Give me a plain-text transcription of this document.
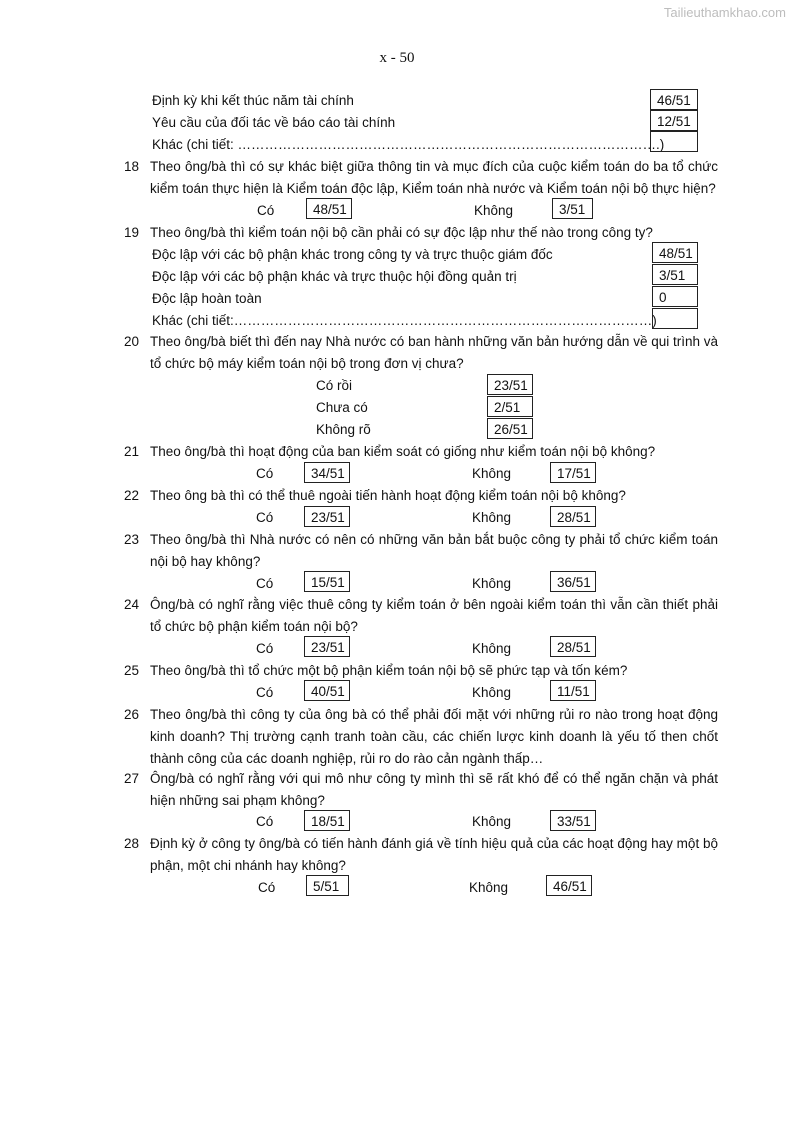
Tailieuthamkhao.com
x - 50
Định kỳ khi kết thúc năm tài chính	46/51
Yêu cầu của đối tác về báo cáo tài chính	12/51
Khác (chi tiết: ………………………………………………………………………………….)
18 Theo ông/bà thì có sự khác biệt giữa thông tin và mục đích của cuộc kiểm toán do ba tổ chức kiểm toán thực hiện là Kiểm toán độc lập, Kiểm toán nhà nước và Kiểm toán nội bộ thực hiện?
Có	48/51	Không	3/51
19 Theo ông/bà thì kiểm toán nội bộ cần phải có sự độc lập như thế nào trong công ty?
Độc lập với các bộ phận khác trong công ty và trực thuộc giám đốc	48/51
Độc lập với các bộ phận khác và trực thuộc hội đồng quản trị	3/51
Độc lập hoàn toàn	0
Khác (chi tiết:…………………………………………………………………………………)
20 Theo ông/bà biết thì đến nay Nhà nước có ban hành những văn bản hướng dẫn về qui trình và tổ chức bộ máy kiểm toán nội bộ trong đơn vị chưa?
Có rồi	23/51
Chưa có	2/51
Không rõ	26/51
21 Theo ông/bà thì hoạt động của ban kiểm soát có giống như kiểm toán nội bộ không?
Có	34/51	Không	17/51
22 Theo ông bà thì có thể thuê ngoài tiến hành hoạt động kiểm toán nội bộ không?
Có	23/51	Không	28/51
23 Theo ông/bà thì Nhà nước có nên có những văn bản bắt buộc công ty phải tổ chức kiểm toán nội bộ hay không?
Có	15/51	Không	36/51
24 Ông/bà có nghĩ rằng việc thuê công ty kiểm toán ở bên ngoài kiểm toán thì vẫn cần thiết phải tổ chức bộ phận kiểm toán nội bộ?
Có	23/51	Không	28/51
25 Theo ông/bà thì tổ chức một bộ phận kiểm toán nội bộ sẽ phức tạp và tốn kém?
Có	40/51	Không	11/51
26 Theo ông/bà thì công ty của ông bà có thể phải đối mặt với những rủi ro nào trong hoạt động kinh doanh? Thị trường cạnh tranh toàn cầu, các chiến lược kinh doanh là yếu tố then chốt thành công của các doanh nghiệp, rủi ro do rào cản ngành thấp…
27 Ông/bà có nghĩ rằng với qui mô như công ty mình thì sẽ rất khó để có thể ngăn chặn và phát hiện những sai phạm không?
Có	18/51	Không	33/51
28 Định kỳ ở công ty ông/bà có tiến hành đánh giá về tính hiệu quả của các hoạt động hay một bộ phận, một chi nhánh hay không?
Có	5/51	Không	46/51
